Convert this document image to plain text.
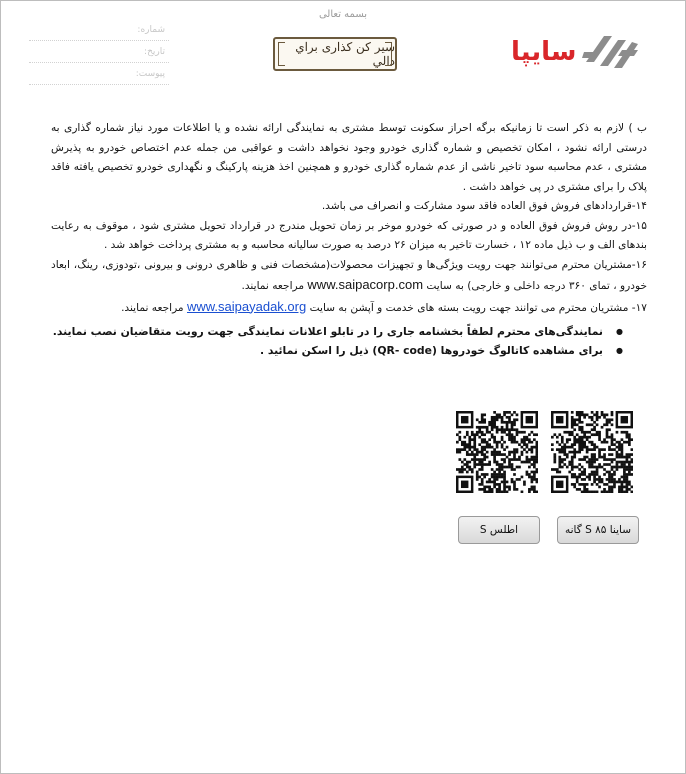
بسمه تعالی
شماره:
تاریخ:
پیوست:
سیر کن کذاری براي دالي	سایپا

ب ) لازم به ذکر است تا زمانیکه برگه احراز سکونت توسط مشتری به نمایندگی ارائه نشده و یا اطلاعات مورد نیاز شماره گذاری به درستی ارائه نشود ، امکان تخصیص و شماره گذاری خودرو وجود نخواهد داشت و عواقبی من جمله عدم اختصاص خودرو به پذیرش مشتری ، عدم محاسبه سود تاخیر ناشی از عدم شماره گذاری خودرو و همچنین اخذ هزینه پارکینگ و نگهداری خودرو تخصیص یافته فاقد پلاک را برای مشتری در پی خواهد داشت .

۱۴-قراردادهای فروش فوق العاده فاقد سود مشارکت و انصراف می باشد.

۱۵-در روش فروش فوق العاده و در صورتی که خودرو موخر بر زمان تحویل مندرج در قرارداد تحویل مشتری شود ، موقوف به رعایت بندهای الف و ب ذیل ماده ۱۲ ، خسارت تاخیر به میزان ۲۶ درصد به صورت سالیانه محاسبه و به مشتری پرداخت خواهد شد .

۱۶-مشتریان محترم می‌توانند جهت رویت ویژگی‌ها و تجهیزات محصولات(مشخصات فنی و ظاهری درونی و بیرونی ،تودوزی، رینگ، ابعاد خودرو ، تمای ۳۶۰ درجه داخلی و خارجی) به سایت www.saipacorp.com مراجعه نمایند.

۱۷- مشتریان محترم می توانند جهت رویت بسته های خدمت و آپشن به سایت www.saipayadak.org مراجعه نمایند.

● نمایندگی‌های محترم لطفاً بخشنامه جاری را در تابلو اعلانات نمایندگی جهت رویت متقاضیان نصب نمایند.
● برای مشاهده کاتالوگ خودروها (QR- code) ذیل را اسکن نمائید .
اطلس S	ساینا S ۸۵ گانه
